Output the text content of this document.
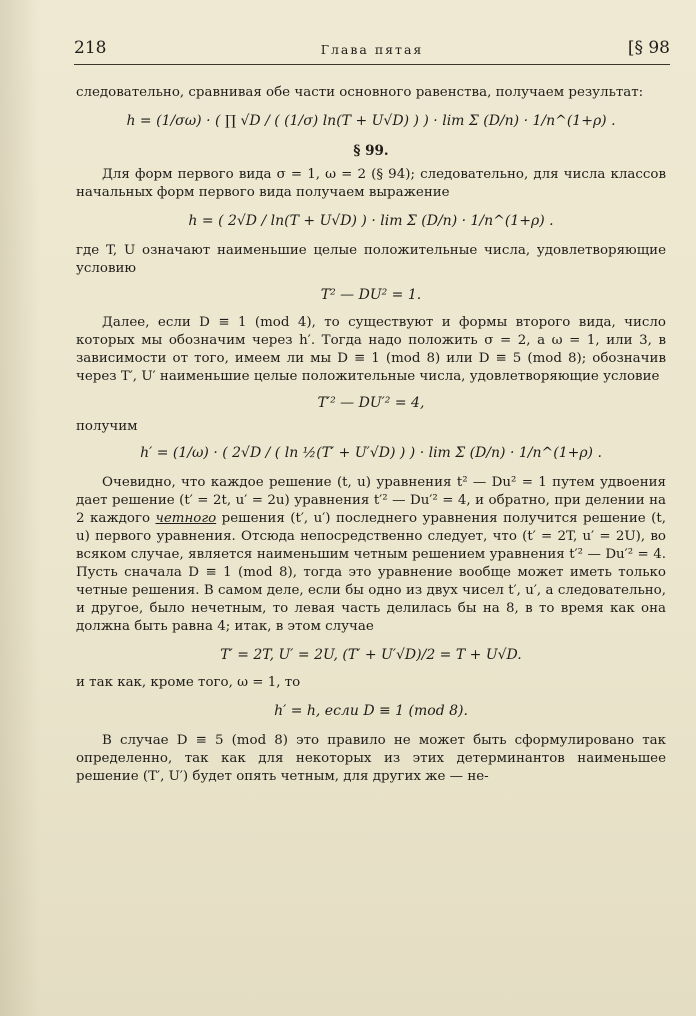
218	Глава пятая	[§ 98

следовательно, сравнивая обе части основного равенства, получаем результат:

h = (1/σω) · ( ∏ √D / ( (1/σ) ln(T + U√D) ) ) · lim Σ (D/n) · 1/n^(1+ρ) .
§ 99.

Для форм первого вида σ = 1, ω = 2 (§ 94); следовательно, для числа классов начальных форм первого вида получаем выражение

h = ( 2√D / ln(T + U√D) ) · lim Σ (D/n) · 1/n^(1+ρ) .

где T, U означают наименьшие целые положительные числа, удовлетворяющие условию

T² — DU² = 1.

Далее, если D ≡ 1 (mod 4), то существуют и формы второго вида, число которых мы обозначим через h′. Тогда надо положить σ = 2, а ω = 1, или 3, в зависимости от того, имеем ли мы D ≡ 1 (mod 8) или D ≡ 5 (mod 8); обозначив через T′, U′ наименьшие целые положительные числа, удовлетворяющие условие

T′² — DU′² = 4,

получим

h′ = (1/ω) · ( 2√D / ( ln ½(T′ + U′√D) ) ) · lim Σ (D/n) · 1/n^(1+ρ) .

Очевидно, что каждое решение (t, u) уравнения t² — Du² = 1 путем удвоения дает решение (t′ = 2t, u′ = 2u) уравнения t′² — Du′² = 4, и обратно, при делении на 2 каждого четного решения (t′, u′) последнего уравнения получится решение (t, u) первого уравнения. Отсюда непосредственно следует, что (t′ = 2T, u′ = 2U), во всяком случае, является наименьшим четным решением уравнения t′² — Du′² = 4. Пусть сначала D ≡ 1 (mod 8), тогда это уравнение вообще может иметь только четные решения. В самом деле, если бы одно из двух чисел t′, u′, а следовательно, и другое, было нечетным, то левая часть делилась бы на 8, в то время как она должна быть равна 4; итак, в этом случае

T′ = 2T, U′ = 2U, (T′ + U′√D)/2 = T + U√D.

и так как, кроме того, ω = 1, то

h′ = h, если D ≡ 1 (mod 8).

В случае D ≡ 5 (mod 8) это правило не может быть сформулировано так определенно, так как для некоторых из этих детерминантов наименьшее решение (T′, U′) будет опять четным, для других же — не-
